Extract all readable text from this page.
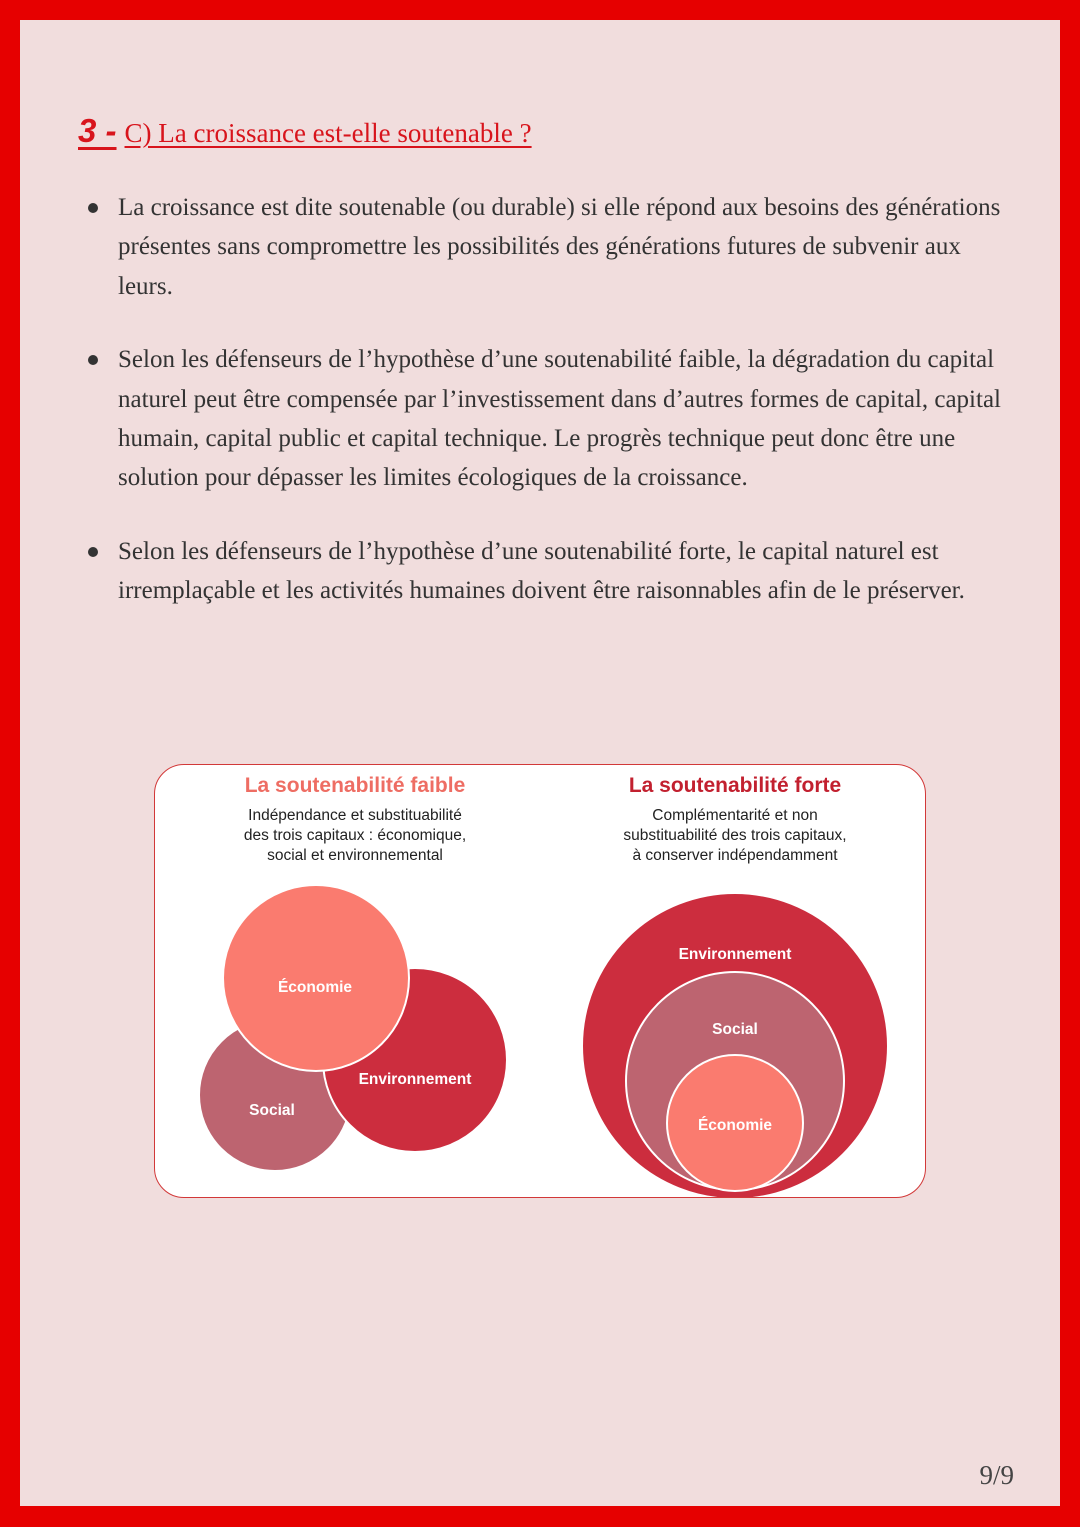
3 - C) La croissance est-elle soutenable ?
La croissance est dite soutenable (ou durable) si elle répond aux besoins des générations présentes sans compromettre les possibilités des générations futures de subvenir aux leurs.
Selon les défenseurs de l’hypothèse d’une soutenabilité faible, la dégradation du capital naturel peut être compensée par l’investissement dans d’autres formes de capital, capital humain, capital public et capital technique. Le progrès technique peut donc être une solution pour dépasser les limites écologiques de la croissance.
Selon les défenseurs de l’hypothèse d’une soutenabilité forte, le capital naturel est irremplaçable et les activités humaines doivent être raisonnables afin de le préserver.
La soutenabilité faible
Indépendance et substituabilité
des trois capitaux : économique,
social et environnemental
Économie
Environnement
Social
La soutenabilité forte
Complémentarité et non
substituabilité des trois capitaux,
à conserver indépendamment
Environnement
Social
Économie
9/9
